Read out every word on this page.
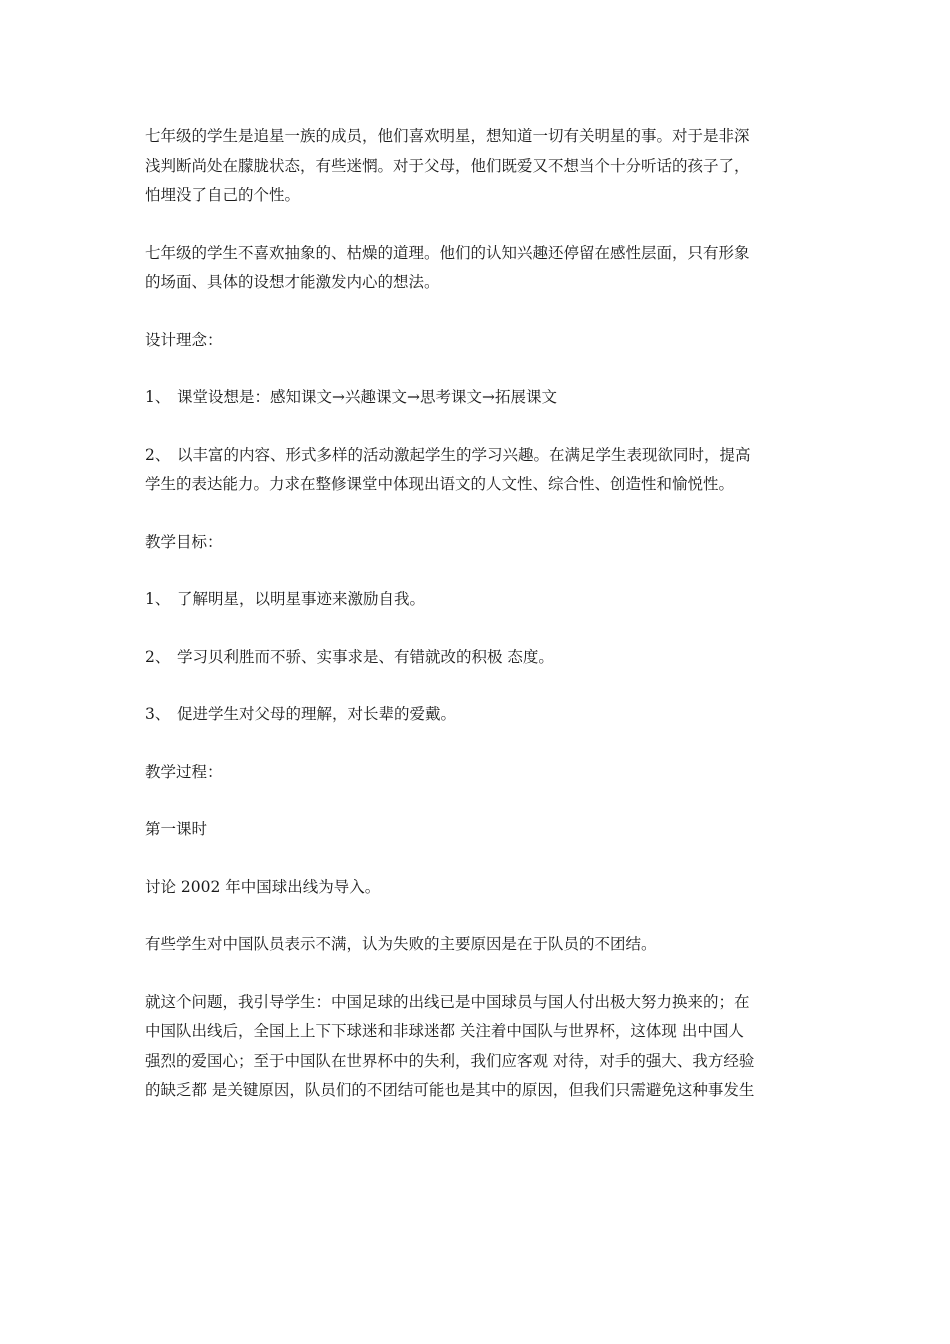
七年级的学生是追星一族的成员，他们喜欢明星，想知道一切有关明星的事。对于是非深
浅判断尚处在朦胧状态，有些迷惘。对于父母，他们既爱又不想当个十分听话的孩子了，
怕埋没了自己的个性。

七年级的学生不喜欢抽象的、枯燥的道理。他们的认知兴趣还停留在感性层面，只有形象
的场面、具体的设想才能激发内心的想法。

设计理念：

1、 课堂设想是：感知课文→兴趣课文→思考课文→拓展课文

2、 以丰富的内容、形式多样的活动激起学生的学习兴趣。在满足学生表现欲同时，提高
学生的表达能力。力求在整修课堂中体现出语文的人文性、综合性、创造性和愉悦性。

教学目标：

1、 了解明星，以明星事迹来激励自我。

2、 学习贝利胜而不骄、实事求是、有错就改的积极 态度。

3、 促进学生对父母的理解，对长辈的爱戴。

教学过程：

第一课时

讨论 2002 年中国球出线为导入。

有些学生对中国队员表示不满，认为失败的主要原因是在于队员的不团结。

就这个问题，我引导学生：中国足球的出线已是中国球员与国人付出极大努力换来的；在
中国队出线后，全国上上下下球迷和非球迷都 关注着中国队与世界杯，这体现 出中国人
强烈的爱国心；至于中国队在世界杯中的失利，我们应客观 对待，对手的强大、我方经验
的缺乏都 是关键原因，队员们的不团结可能也是其中的原因，但我们只需避免这种事发生
